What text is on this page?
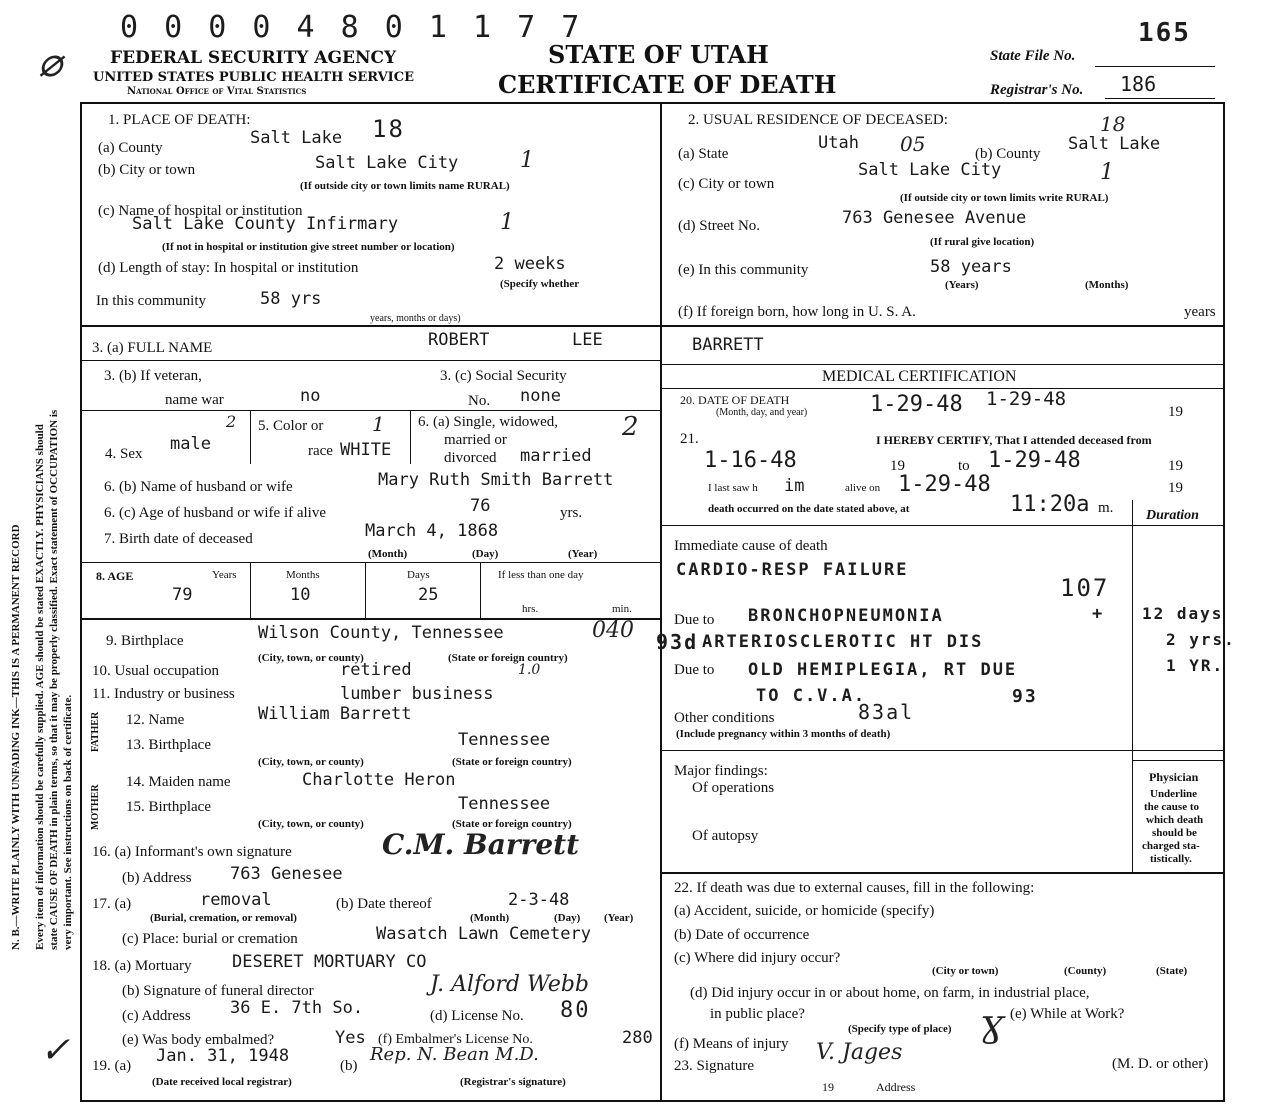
0 0 0 0 4 8 0 1 1 7 7
⌀	FEDERAL SECURITY AGENCY
UNITED STATES PUBLIC HEALTH SERVICE
National Office of Vital Statistics
STATE OF UTAH
CERTIFICATE OF DEATH
State File No.
165
Registrar's No. 186
N. B.—WRITE PLAINLY WITH UNFADING INK—THIS IS A PERMANENT RECORD Every item of information should be carefully supplied. AGE should be stated EXACTLY. PHYSICIANS should state CAUSE OF DEATH in plain terms, so that it may be properly classified. Exact statement of OCCUPATION is very important. See instructions on back of certificate.
1. PLACE OF DEATH:
(a) County	Salt Lake 18
(b) City or town	Salt Lake City	1
(If outside city or town limits name RURAL)
(c) Name of hospital or institution
Salt Lake County Infirmary	1
(If not in hospital or institution give street number or location)
(d) Length of stay: In hospital or institution	2 weeks
(Specify whether
In this community	58 yrs
years, months or days)
2. USUAL RESIDENCE OF DECEASED:
(a) State
Utah 05	(b) County Salt Lake
18
(c) City or town
Salt Lake City	1
(If outside city or town limits write RURAL)
(d) Street No.	763 Genesee Avenue
(If rural give location)
(e) In this community	58 years
(Years)	(Months)
(f) If foreign born, how long in U. S. A.	years
3. (a) FULL NAME	ROBERT	LEE	BARRETT
3. (b) If veteran,
name war	no
3. (c) Social Security
No. none
4. Sex male
2 5. Color or
race WHITE
1 6. (a) Single, widowed,
married or
divorced married
2
6. (b) Name of husband or wife	Mary Ruth Smith Barrett
6. (c) Age of husband or wife if alive	76	yrs.
7. Birth date of deceased	March 4, 1868
(Month)	(Day)	(Year)
8. AGE	Years	Months	Days	If less than one day
79	10	25
hrs.	min.
9. Birthplace	Wilson County, Tennessee	040
(City, town, or county)	(State or foreign country)
10. Usual occupation	retired	1.0
11. Industry or business	lumber business
FATHER
MOTHER
12. Name	William Barrett
13. Birthplace	Tennessee
(City, town, or county)	(State or foreign country)
14. Maiden name	Charlotte Heron
15. Birthplace	Tennessee
(City, town, or county)	(State or foreign country)
16. (a) Informant's own signature	C.M. Barrett
(b) Address 763 Genesee
17. (a)	removal
(Burial, cremation, or removal)
(b) Date thereof	2-3-48
(Month)	(Day) (Year)
(c) Place: burial or cremation	Wasatch Lawn Cemetery
18. (a) Mortuary DESERET MORTUARY CO
(b) Signature of funeral director	J. Alford Webb
(c) Address 36 E. 7th So.	(d) License No. 80
(e) Was body embalmed?	Yes (f) Embalmer's License No.	280
19. (a) Jan. 31, 1948
(Date received local registrar)
(b)
Rep. N. Bean M.D.
(Registrar's signature)
✓
MEDICAL CERTIFICATION
20. DATE OF DEATH
(Month, day, and year)	1-29-48 1-29-48
19
21.	I HEREBY CERTIFY, That I attended deceased from
1-16-48	19	to 1-29-48	19
I last saw h im	alive on 1-29-48	19
death occurred on the date stated above, at	11:20a m. Duration
Immediate cause of death
CARDIO-RESP FAILURE
107
Due to BRONCHOPNEUMONIA	+ 12 days
93d ARTERIOSCLEROTIC HT DIS	2 yrs.
Due to OLD HEMIPLEGIA, RT DUE	1 YR.
TO C.V.A.	93
Other conditions	83al
(Include pregnancy within 3 months of death)
Major findings:
Of operations
Of autopsy
Physician
Underline
the cause to
which death
should be
charged sta-
tistically.
22. If death was due to external causes, fill in the following:
(a) Accident, suicide, or homicide (specify)
(b) Date of occurrence
(c) Where did injury occur?
(City or town)	(County)	(State)
(d) Did injury occur in or about home, on farm, in industrial place,
in public place?
(Specify type of place)
(e) While at Work?
(f) Means of injury
23. Signature
V. Jages
Ɣ
(M. D. or other)
19	Address
